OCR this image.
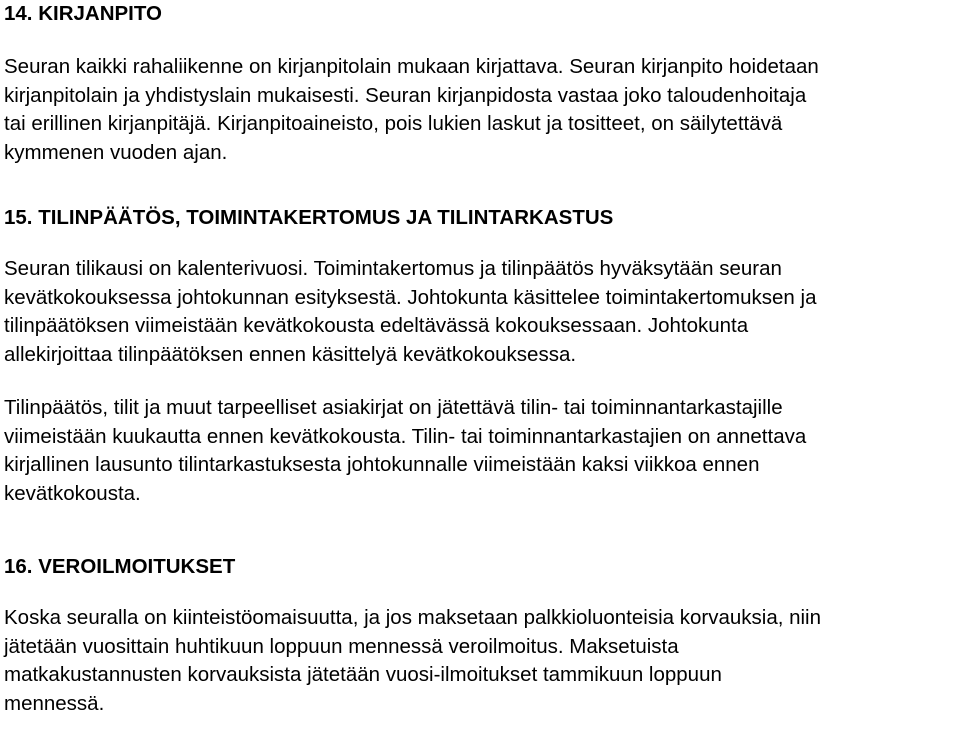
14. KIRJANPITO

Seuran kaikki rahaliikenne on kirjanpitolain mukaan kirjattava. Seuran kirjanpito hoidetaan
kirjanpitolain ja yhdistyslain mukaisesti. Seuran kirjanpidosta vastaa joko taloudenhoitaja
tai erillinen kirjanpitäjä. Kirjanpitoaineisto, pois lukien laskut ja tositteet, on säilytettävä
kymmenen vuoden ajan.

15. TILINPÄÄTÖS, TOIMINTAKERTOMUS JA TILINTARKASTUS

Seuran tilikausi on kalenterivuosi. Toimintakertomus ja tilinpäätös hyväksytään seuran
kevätkokouksessa johtokunnan esityksestä. Johtokunta käsittelee toimintakertomuksen ja
tilinpäätöksen viimeistään kevätkokousta edeltävässä kokouksessaan. Johtokunta
allekirjoittaa tilinpäätöksen ennen käsittelyä kevätkokouksessa.

Tilinpäätös, tilit ja muut tarpeelliset asiakirjat on jätettävä tilin- tai toiminnantarkastajille
viimeistään kuukautta ennen kevätkokousta. Tilin- tai toiminnantarkastajien on annettava
kirjallinen lausunto tilintarkastuksesta johtokunnalle viimeistään kaksi viikkoa ennen
kevätkokousta.

16. VEROILMOITUKSET

Koska seuralla on kiinteistöomaisuutta, ja jos maksetaan palkkioluonteisia korvauksia, niin
jätetään vuosittain huhtikuun loppuun mennessä veroilmoitus. Maksetuista
matkakustannusten korvauksista jätetään vuosi-ilmoitukset tammikuun loppuun
mennessä.
